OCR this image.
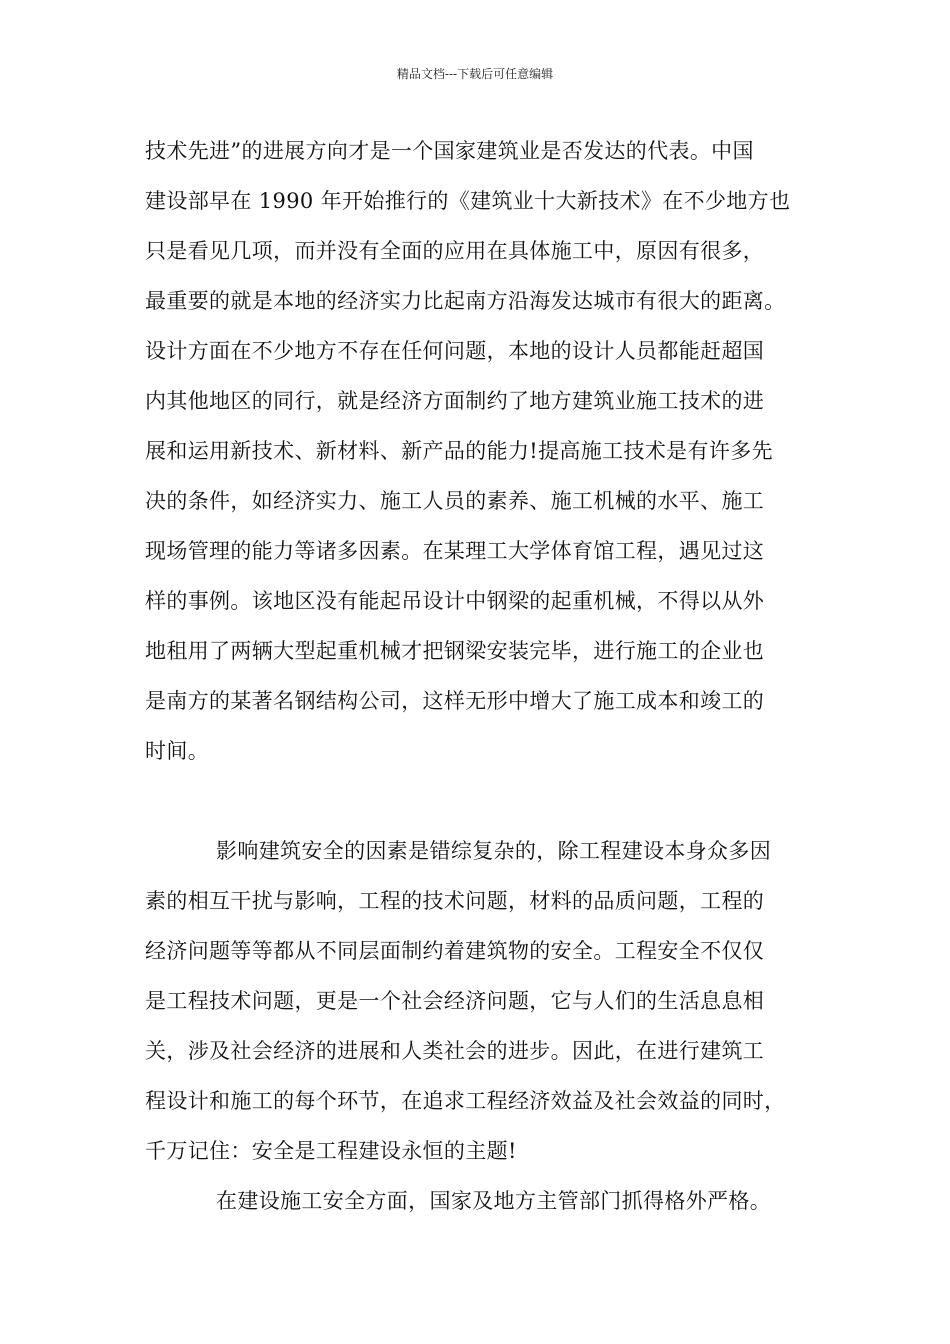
精品文档---下载后可任意编辑
技术先进”的进展方向才是一个国家建筑业是否发达的代表。中国
建设部早在 1990 年开始推行的《建筑业十大新技术》在不少地方也
只是看见几项，而并没有全面的应用在具体施工中，原因有很多，
最重要的就是本地的经济实力比起南方沿海发达城市有很大的距离。
设计方面在不少地方不存在任何问题，本地的设计人员都能赶超国
内其他地区的同行，就是经济方面制约了地方建筑业施工技术的进
展和运用新技术、新材料、新产品的能力!提高施工技术是有许多先
决的条件，如经济实力、施工人员的素养、施工机械的水平、施工
现场管理的能力等诸多因素。在某理工大学体育馆工程，遇见过这
样的事例。该地区没有能起吊设计中钢梁的起重机械，不得以从外
地租用了两辆大型起重机械才把钢梁安装完毕，进行施工的企业也
是南方的某著名钢结构公司，这样无形中增大了施工成本和竣工的
时间。
影响建筑安全的因素是错综复杂的，除工程建设本身众多因
素的相互干扰与影响，工程的技术问题，材料的品质问题，工程的
经济问题等等都从不同层面制约着建筑物的安全。工程安全不仅仅
是工程技术问题，更是一个社会经济问题，它与人们的生活息息相
关，涉及社会经济的进展和人类社会的进步。因此，在进行建筑工
程设计和施工的每个环节，在追求工程经济效益及社会效益的同时，
千万记住：安全是工程建设永恒的主题!
在建设施工安全方面，国家及地方主管部门抓得格外严格。
